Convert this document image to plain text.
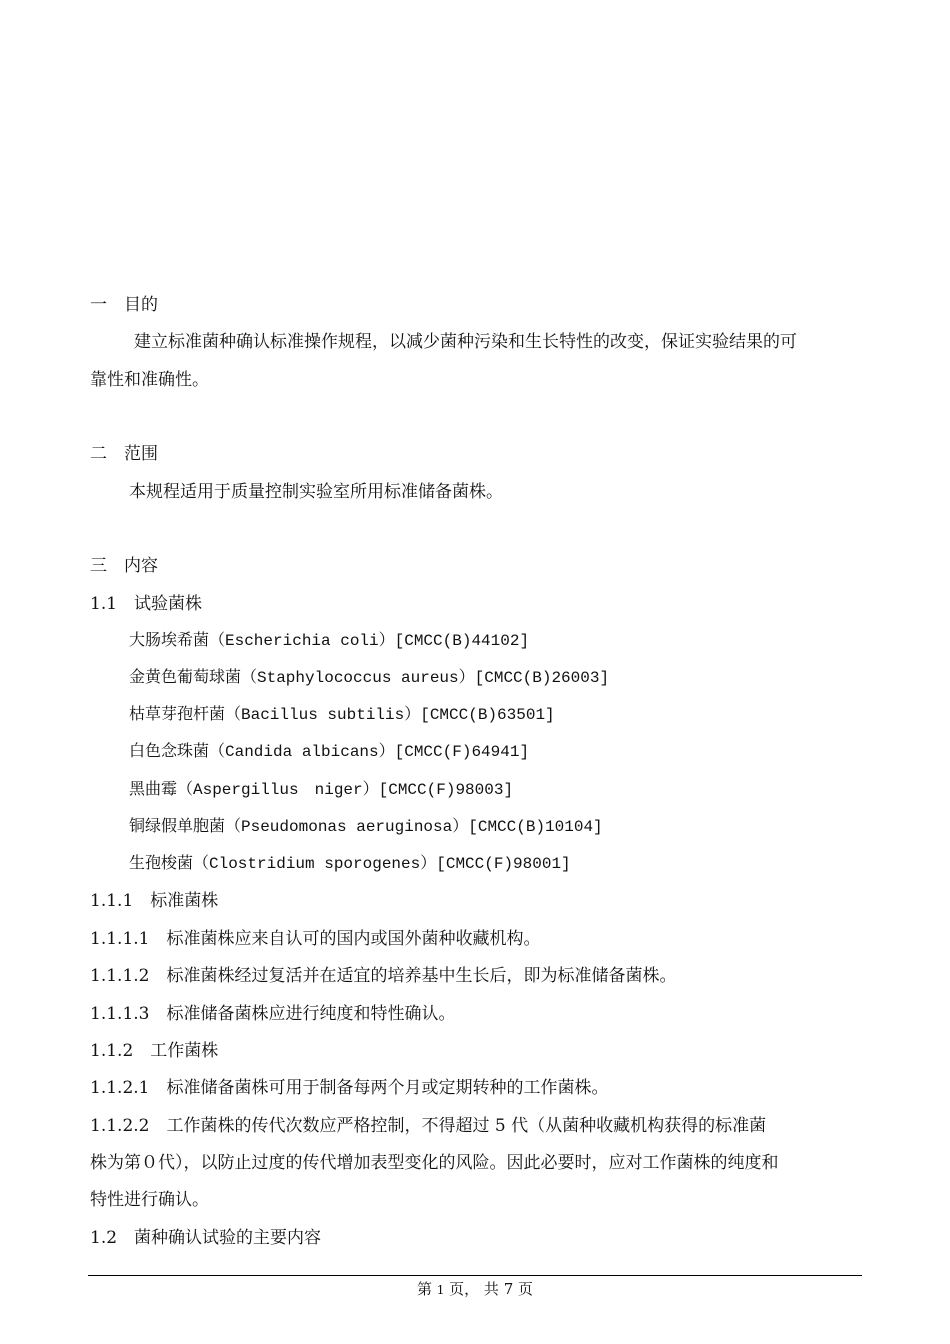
一　目的
建立标准菌种确认标准操作规程，以减少菌种污染和生长特性的改变，保证实验结果的可
靠性和准确性。
二　范围
本规程适用于质量控制实验室所用标准储备菌株。
三　内容
1.1　试验菌株
大肠埃希菌（Escherichia coli）[CMCC(B)44102]
金黄色葡萄球菌（Staphylococcus aureus）[CMCC(B)26003]
枯草芽孢杆菌（Bacillus subtilis）[CMCC(B)63501]
白色念珠菌（Candida albicans）[CMCC(F)64941]
黑曲霉（Aspergillus　niger）[CMCC(F)98003]
铜绿假单胞菌（Pseudomonas aeruginosa）[CMCC(B)10104]
生孢梭菌（Clostridium sporogenes）[CMCC(F)98001]
1.1.1　标准菌株
1.1.1.1　标准菌株应来自认可的国内或国外菌种收藏机构。
1.1.1.2　标准菌株经过复活并在适宜的培养基中生长后，即为标准储备菌株。
1.1.1.3　标准储备菌株应进行纯度和特性确认。
1.1.2　工作菌株
1.1.2.1　标准储备菌株可用于制备每两个月或定期转种的工作菌株。
1.1.2.2　工作菌株的传代次数应严格控制，不得超过 5 代（从菌种收藏机构获得的标准菌
株为第０代），以防止过度的传代增加表型变化的风险。因此必要时，应对工作菌株的纯度和
特性进行确认。
1.2　菌种确认试验的主要内容
第 1 页， 共 7 页
